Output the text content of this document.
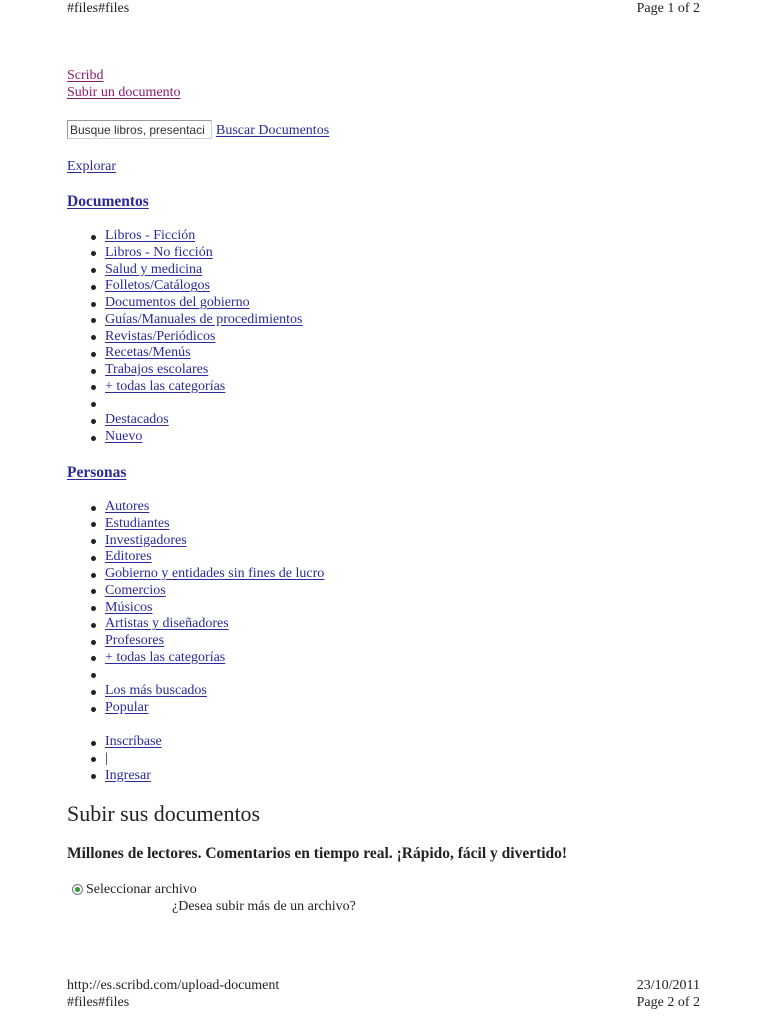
#files#files	Page 1 of 2
Scribd
Subir un documento
Busque libros, presentaci
Buscar Documentos
Explorar
Documentos
Libros - Ficción
Libros - No ficción
Salud y medicina
Folletos/Catálogos
Documentos del gobierno
Guías/Manuales de procedimientos
Revistas/Periódicos
Recetas/Menús
Trabajos escolares
+ todas las categorías
Destacados
Nuevo
Personas
Autores
Estudiantes
Investigadores
Editores
Gobierno y entidades sin fines de lucro
Comercios
Músicos
Artistas y diseñadores
Profesores
+ todas las categorías
Los más buscados
Popular
Inscríbase
|
Ingresar
Subir sus documentos
Millones de lectores. Comentarios en tiempo real. ¡Rápido, fácil y divertido!
Seleccionar archivo
¿Desea subir más de un archivo?
http://es.scribd.com/upload-document	23/10/2011
#files#files	Page 2 of 2
